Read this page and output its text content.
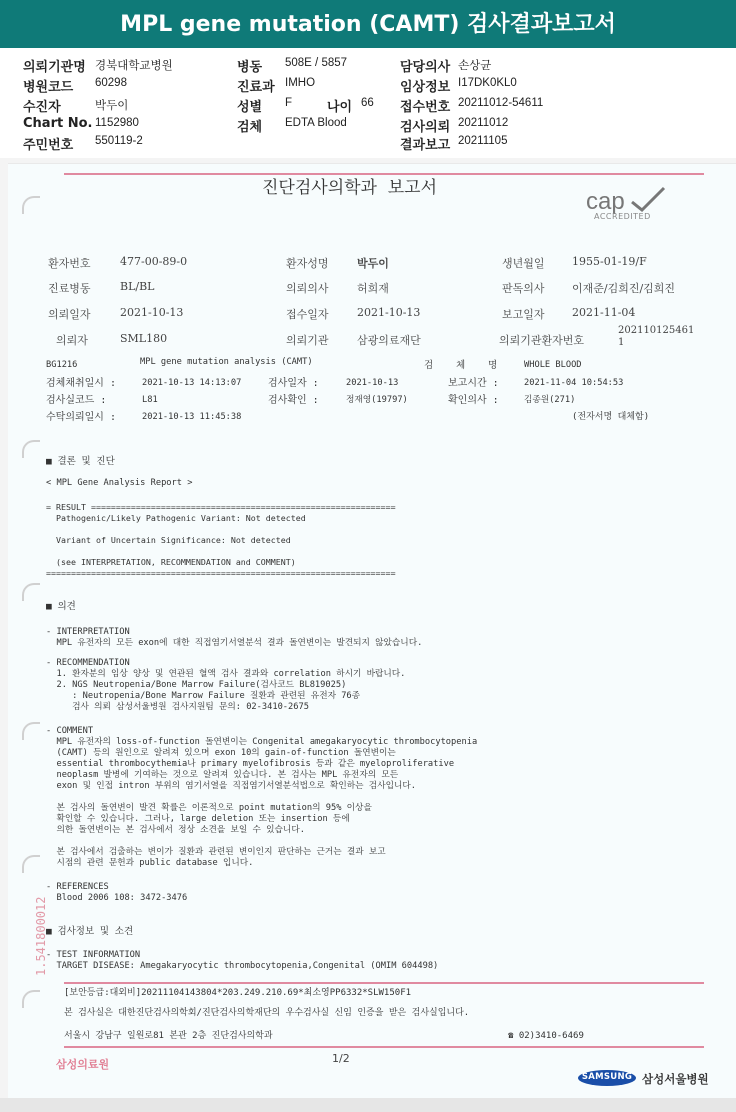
MPL gene mutation (CAMT) 검사결과보고서
의뢰기관명 경북대학교병원
병원코드 60298
수진자	박두이
Chart No. 1152980
주민번호 550119-2
병동 508E / 5857
진료과 IMHO
성별 F	나이 66
검체 EDTA Blood
담당의사 손상균
임상정보 I17DK0KL0
접수번호 20211012-54611
검사의뢰 20211012
결과보고 20211105
진단검사의학과  보고서	cap
ACCREDITED
환자번호	477-00-89-0	환자성명	박두이	생년월일 1955-01-19/F
진료병동	BL/BL	의뢰의사	허희재	판독의사 이재준/김희진/김희진
의뢰일자	2021-10-13	접수일자	2021-10-13	보고일자 2021-11-04
의뢰자	SML180	의뢰기관	삼광의료재단	의뢰기관환자번호
202110125461
1
BG1216	MPL gene mutation analysis (CAMT)	검    체    명	WHOLE BLOOD
검체채취일시 :	2021-10-13 14:13:07	검사일자 :	2021-10-13	보고시간 :	2021-11-04 10:54:53
검사실코드 :	L81	검사확인 :	정재영(19797)	확인의사 :	김종원(271)
수탁의뢰일시 :	2021-10-13 11:45:38	(전자서명 대체함)
■ 결론 및 진단
< MPL Gene Analysis Report >
= RESULT =============================================================
Pathogenic/Likely Pathogenic Variant: Not detected

Variant of Uncertain Significance: Not detected

(see INTERPRETATION, RECOMMENDATION and COMMENT)
======================================================================
■ 의견
- INTERPRETATION
MPL 유전자의 모든 exon에 대한 직접염기서열분석 결과 돌연변이는 발견되지 않았습니다.
- RECOMMENDATION
1. 환자분의 임상 양상 및 연관된 혈액 검사 결과와 correlation 하시기 바랍니다.
2. NGS Neutropenia/Bone Marrow Failure(검사코드 BL819025)
: Neutropenia/Bone Marrow Failure 질환과 관련된 유전자 76종
검사 의뢰 삼성서울병원 검사지원팀 문의: 02-3410-2675
- COMMENT
MPL 유전자의 loss-of-function 돌연변이는 Congenital amegakaryocytic thrombocytopenia
(CAMT) 등의 원인으로 알려져 있으며 exon 10의 gain-of-function 돌연변이는
essential thrombocythemia나 primary myelofibrosis 등과 같은 myeloproliferative
neoplasm 발병에 기여하는 것으로 알려져 있습니다. 본 검사는 MPL 유전자의 모든
exon 및 인접 intron 부위의 염기서열을 직접염기서열분석법으로 확인하는 검사입니다.

본 검사의 돌연변이 발견 확률은 이론적으로 point mutation의 95% 이상을
확인할 수 있습니다. 그러나, large deletion 또는 insertion 등에
의한 돌연변이는 본 검사에서 정상 소견을 보일 수 있습니다.

본 검사에서 검출하는 변이가 질환과 관련된 변이인지 판단하는 근거는 결과 보고
시점의 관련 문헌과 public database 입니다.
- REFERENCES
Blood 2006 108: 3472-3476
■ 검사정보 및 소견
- TEST INFORMATION
TARGET DISEASE: Amegakaryocytic thrombocytopenia,Congenital (OMIM 604498)
1.541800012
[보안등급:대외비]20211104143804*203.249.210.69*최소영PP6332*SLW150F1
본 검사실은 대한진단검사의학회/진단검사의학재단의 우수검사실 신임 인증을 받은 검사실입니다.
서울시 강남구 일원로81 본관 2층 진단검사의학과	☎ 02)3410-6469
삼성의료원	1/2
SAMSUNG 삼성서울병원
